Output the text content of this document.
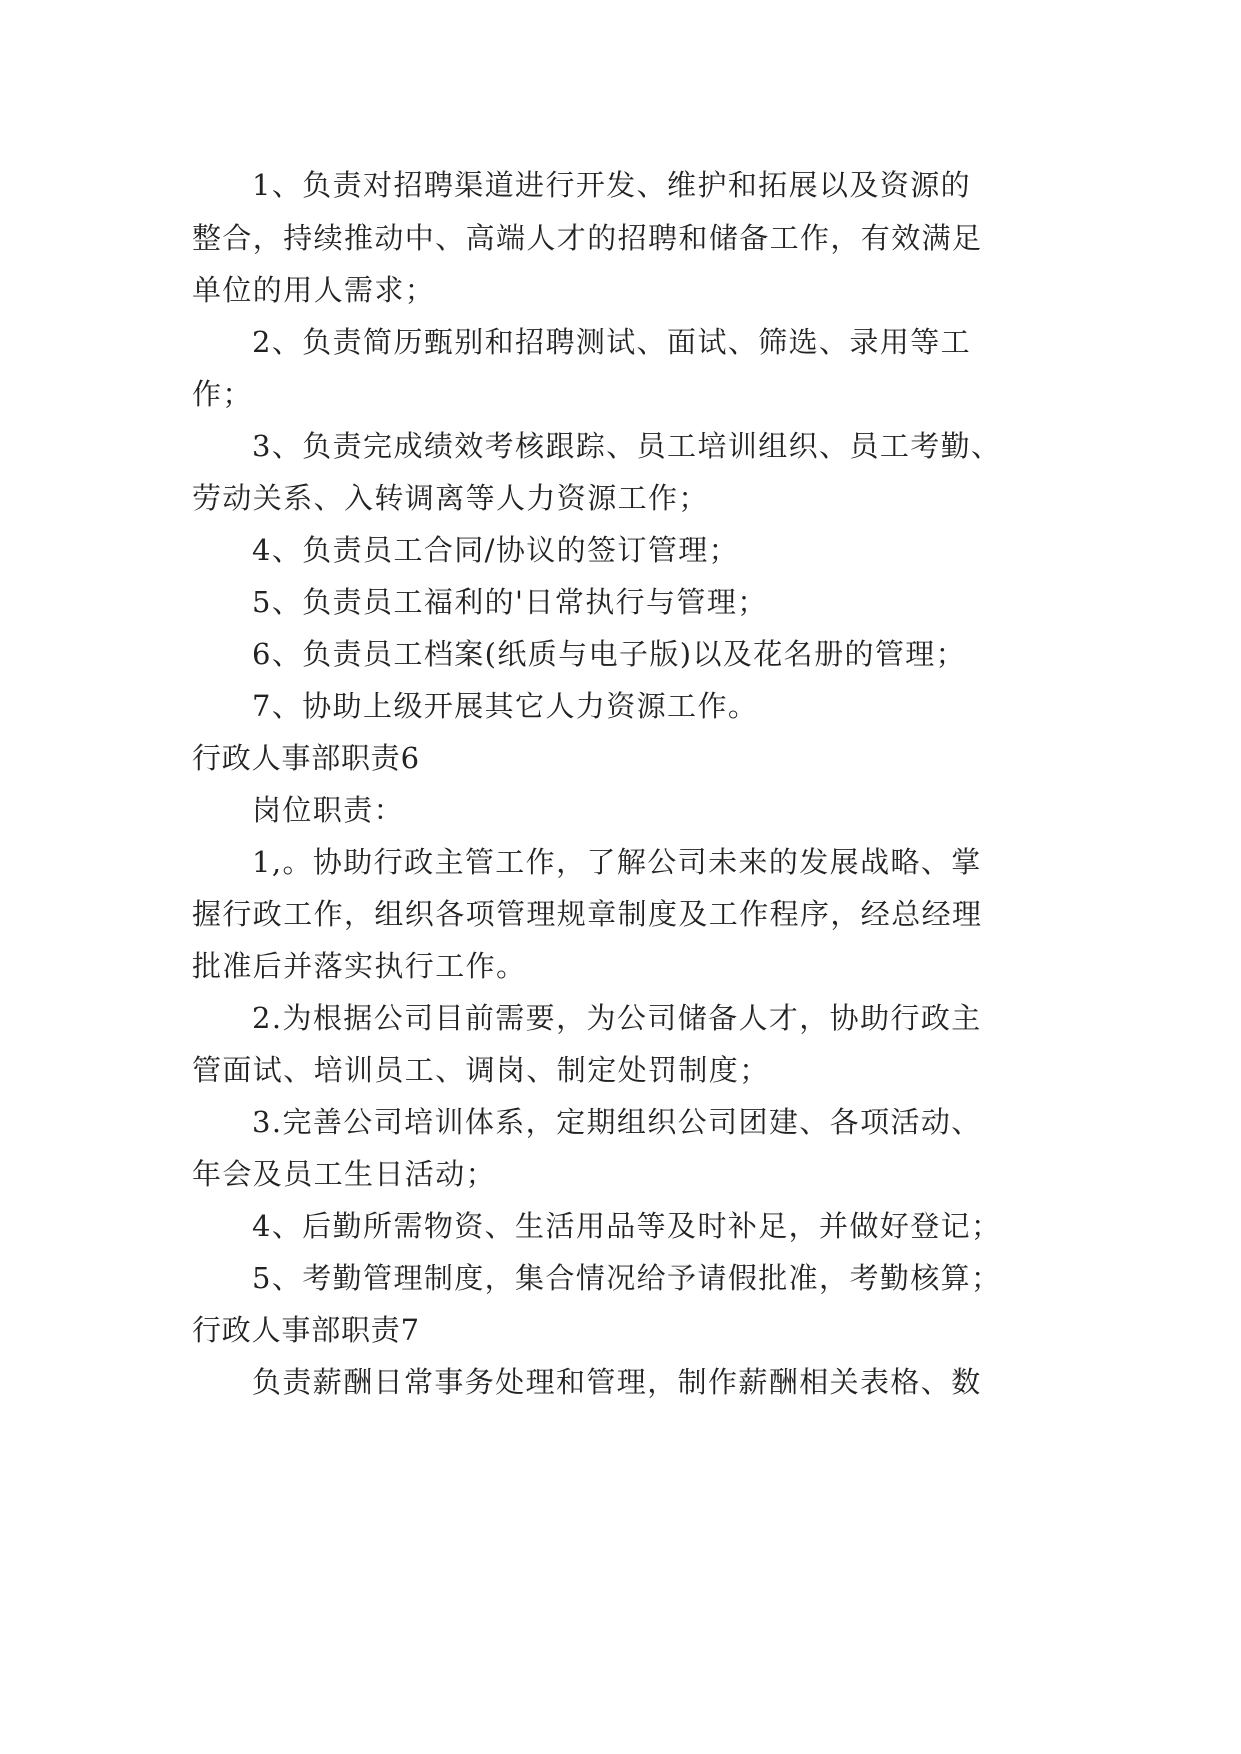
1、负责对招聘渠道进行开发、维护和拓展以及资源的
整合，持续推动中、高端人才的招聘和储备工作，有效满足
单位的用人需求；
2、负责简历甄别和招聘测试、面试、筛选、录用等工
作；
3、负责完成绩效考核跟踪、员工培训组织、员工考勤、
劳动关系、入转调离等人力资源工作；
4、负责员工合同/协议的签订管理；
5、负责员工福利的'日常执行与管理；
6、负责员工档案(纸质与电子版)以及花名册的管理；
7、协助上级开展其它人力资源工作。
行政人事部职责6
岗位职责：
1,。协助行政主管工作，了解公司未来的发展战略、掌
握行政工作，组织各项管理规章制度及工作程序，经总经理
批准后并落实执行工作。
2.为根据公司目前需要，为公司储备人才，协助行政主
管面试、培训员工、调岗、制定处罚制度；
3.完善公司培训体系，定期组织公司团建、各项活动、
年会及员工生日活动；
4、后勤所需物资、生活用品等及时补足，并做好登记；
5、考勤管理制度，集合情况给予请假批准，考勤核算；
行政人事部职责7
负责薪酬日常事务处理和管理，制作薪酬相关表格、数
